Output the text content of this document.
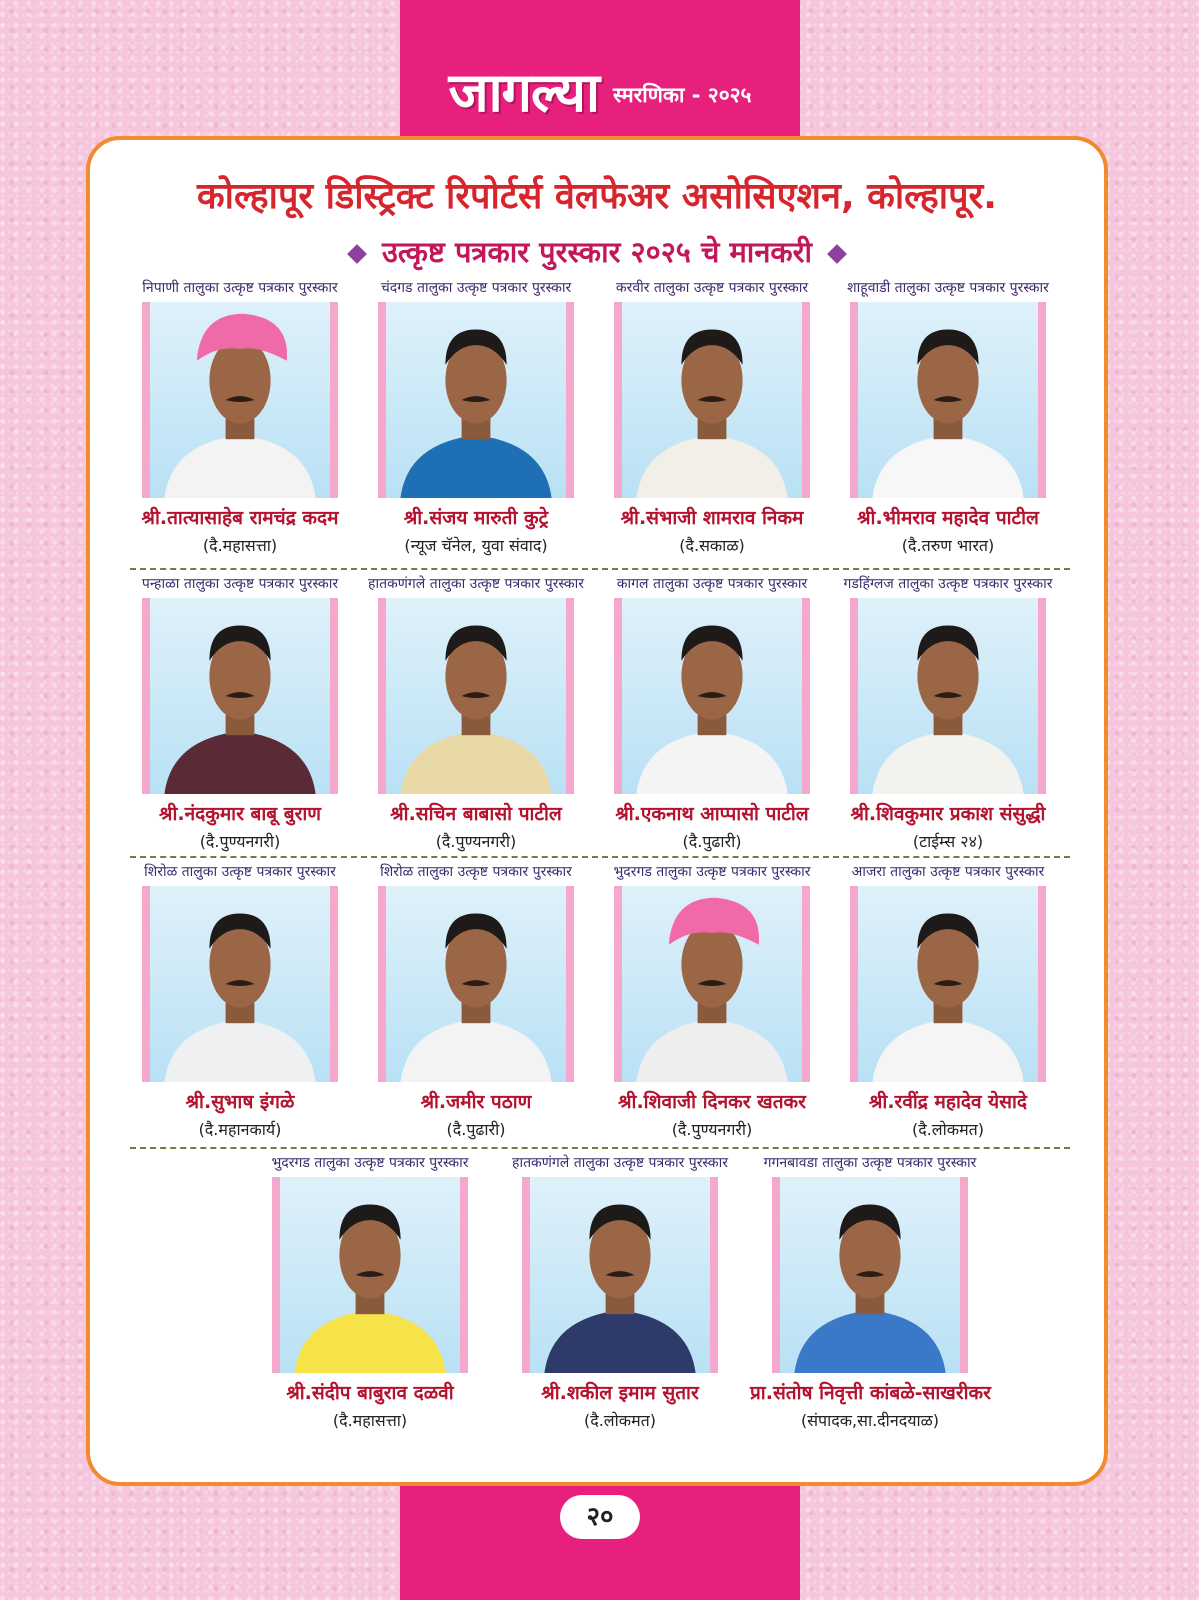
जागल्या स्मरणिका - २०२५
कोल्हापूर डिस्ट्रिक्ट रिपोर्टर्स वेलफेअर असोसिएशन, कोल्हापूर.
उत्कृष्ट पत्रकार पुरस्कार २०२५ चे मानकरी
निपाणी तालुका उत्कृष्ट पत्रकार पुरस्कार
श्री.तात्यासाहेब रामचंद्र कदम
(दै.महासत्ता)
चंदगड तालुका उत्कृष्ट पत्रकार पुरस्कार
श्री.संजय मारुती कुट्रे
(न्यूज चॅनेल, युवा संवाद)
करवीर तालुका उत्कृष्ट पत्रकार पुरस्कार
श्री.संभाजी शामराव निकम
(दै.सकाळ)
शाहूवाडी तालुका उत्कृष्ट पत्रकार पुरस्कार
श्री.भीमराव महादेव पाटील
(दै.तरुण भारत)
पन्हाळा तालुका उत्कृष्ट पत्रकार पुरस्कार
श्री.नंदकुमार बाबू बुराण
(दै.पुण्यनगरी)
हातकणंगले तालुका उत्कृष्ट पत्रकार पुरस्कार
श्री.सचिन बाबासो पाटील
(दै.पुण्यनगरी)
कागल तालुका उत्कृष्ट पत्रकार पुरस्कार
श्री.एकनाथ आप्पासो पाटील
(दै.पुढारी)
गडहिंग्लज तालुका उत्कृष्ट पत्रकार पुरस्कार
श्री.शिवकुमार प्रकाश संसुद्धी
(टाईम्स २४)
शिरोळ तालुका उत्कृष्ट पत्रकार पुरस्कार
श्री.सुभाष इंगळे
(दै.महानकार्य)
शिरोळ तालुका उत्कृष्ट पत्रकार पुरस्कार
श्री.जमीर पठाण
(दै.पुढारी)
भुदरगड तालुका उत्कृष्ट पत्रकार पुरस्कार
श्री.शिवाजी दिनकर खतकर
(दै.पुण्यनगरी)
आजरा तालुका उत्कृष्ट पत्रकार पुरस्कार
श्री.रवींद्र महादेव येसादे
(दै.लोकमत)
भुदरगड तालुका उत्कृष्ट पत्रकार पुरस्कार
श्री.संदीप बाबुराव दळवी
(दै.महासत्ता)
हातकणंगले तालुका उत्कृष्ट पत्रकार पुरस्कार
श्री.शकील इमाम सुतार
(दै.लोकमत)
गगनबावडा तालुका उत्कृष्ट पत्रकार पुरस्कार
प्रा.संतोष निवृत्ती कांबळे-साखरीकर
(संपादक,सा.दीनदयाळ)
२०
